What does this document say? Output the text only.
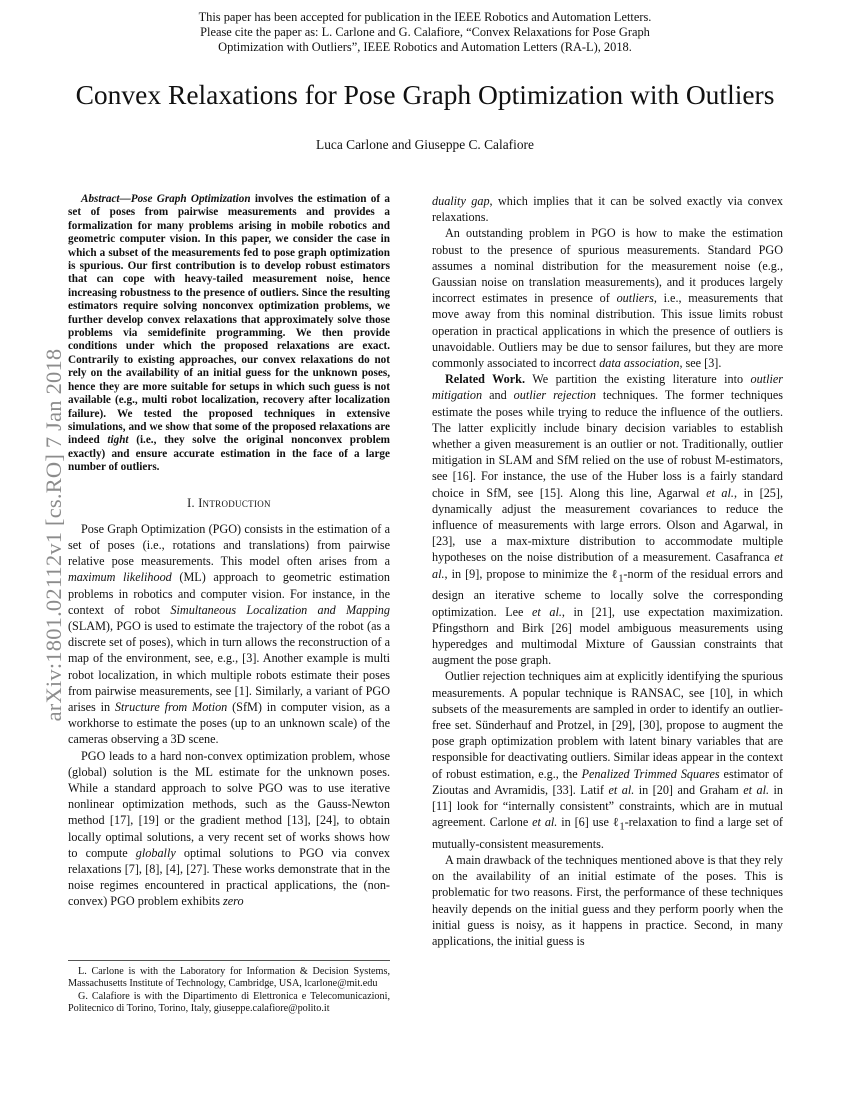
This paper has been accepted for publication in the IEEE Robotics and Automation Letters.
Please cite the paper as: L. Carlone and G. Calafiore, “Convex Relaxations for Pose Graph
Optimization with Outliers”, IEEE Robotics and Automation Letters (RA-L), 2018.
Convex Relaxations for Pose Graph Optimization with Outliers
Luca Carlone and Giuseppe C. Calafiore
arXiv:1801.02112v1 [cs.RO] 7 Jan 2018

Abstract—Pose Graph Optimization involves the estimation of a set of poses from pairwise measurements and provides a formalization for many problems arising in mobile robotics and geometric computer vision. In this paper, we consider the case in which a subset of the measurements fed to pose graph optimization is spurious. Our first contribution is to develop robust estimators that can cope with heavy-tailed measurement noise, hence increasing robustness to the presence of outliers. Since the resulting estimators require solving nonconvex optimization problems, we further develop convex relaxations that approximately solve those problems via semidefinite programming. We then provide conditions under which the proposed relaxations are exact. Contrarily to existing approaches, our convex relaxations do not rely on the availability of an initial guess for the unknown poses, hence they are more suitable for setups in which such guess is not available (e.g., multi robot localization, recovery after localization failure). We tested the proposed techniques in extensive simulations, and we show that some of the proposed relaxations are indeed tight (i.e., they solve the original nonconvex problem exactly) and ensure accurate estimation in the face of a large number of outliers.

I. Introduction

Pose Graph Optimization (PGO) consists in the estimation of a set of poses (i.e., rotations and translations) from pairwise relative pose measurements. This model often arises from a maximum likelihood (ML) approach to geometric estimation problems in robotics and computer vision. For instance, in the context of robot Simultaneous Localization and Mapping (SLAM), PGO is used to estimate the trajectory of the robot (as a discrete set of poses), which in turn allows the reconstruction of a map of the environment, see, e.g., [3]. Another example is multi robot localization, in which multiple robots estimate their poses from pairwise measurements, see [1]. Similarly, a variant of PGO arises in Structure from Motion (SfM) in computer vision, as a workhorse to estimate the poses (up to an unknown scale) of the cameras observing a 3D scene.

PGO leads to a hard non-convex optimization problem, whose (global) solution is the ML estimate for the unknown poses. While a standard approach to solve PGO was to use iterative nonlinear optimization methods, such as the Gauss-Newton method [17], [19] or the gradient method [13], [24], to obtain locally optimal solutions, a very recent set of works shows how to compute globally optimal solutions to PGO via convex relaxations [7], [8], [4], [27]. These works demonstrate that in the noise regimes encountered in practical applications, the (non-convex) PGO problem exhibits zero

L. Carlone is with the Laboratory for Information & Decision Systems, Massachusetts Institute of Technology, Cambridge, USA, lcarlone@mit.edu

G. Calafiore is with the Dipartimento di Elettronica e Telecomunicazioni, Politecnico di Torino, Torino, Italy, giuseppe.calafiore@polito.it

duality gap, which implies that it can be solved exactly via convex relaxations.

An outstanding problem in PGO is how to make the estimation robust to the presence of spurious measurements. Standard PGO assumes a nominal distribution for the measurement noise (e.g., Gaussian noise on translation measurements), and it produces largely incorrect estimates in presence of outliers, i.e., measurements that move away from this nominal distribution. This issue limits robust operation in practical applications in which the presence of outliers is unavoidable. Outliers may be due to sensor failures, but they are more commonly associated to incorrect data association, see [3].

Related Work. We partition the existing literature into outlier mitigation and outlier rejection techniques. The former techniques estimate the poses while trying to reduce the influence of the outliers. The latter explicitly include binary decision variables to establish whether a given measurement is an outlier or not. Traditionally, outlier mitigation in SLAM and SfM relied on the use of robust M-estimators, see [16]. For instance, the use of the Huber loss is a fairly standard choice in SfM, see [15]. Along this line, Agarwal et al., in [25], dynamically adjust the measurement covariances to reduce the influence of measurements with large errors. Olson and Agarwal, in [23], use a max-mixture distribution to accommodate multiple hypotheses on the noise distribution of a measurement. Casafranca et al., in [9], propose to minimize the ℓ$_1$-norm of the residual errors and design an iterative scheme to locally solve the corresponding optimization. Lee et al., in [21], use expectation maximization. Pfingsthorn and Birk [26] model ambiguous measurements using hyperedges and multimodal Mixture of Gaussian constraints that augment the pose graph.

Outlier rejection techniques aim at explicitly identifying the spurious measurements. A popular technique is RANSAC, see [10], in which subsets of the measurements are sampled in order to identify an outlier-free set. Sünderhauf and Protzel, in [29], [30], propose to augment the pose graph optimization problem with latent binary variables that are responsible for deactivating outliers. Similar ideas appear in the context of robust estimation, e.g., the Penalized Trimmed Squares estimator of Zioutas and Avramidis, [33]. Latif et al. in [20] and Graham et al. in [11] look for “internally consistent” constraints, which are in mutual agreement. Carlone et al. in [6] use ℓ$_1$-relaxation to find a large set of mutually-consistent measurements.

A main drawback of the techniques mentioned above is that they rely on the availability of an initial estimate of the poses. This is problematic for two reasons. First, the performance of these techniques heavily depends on the initial guess and they perform poorly when the initial guess is noisy, as it happens in practice. Second, in many applications, the initial guess is
